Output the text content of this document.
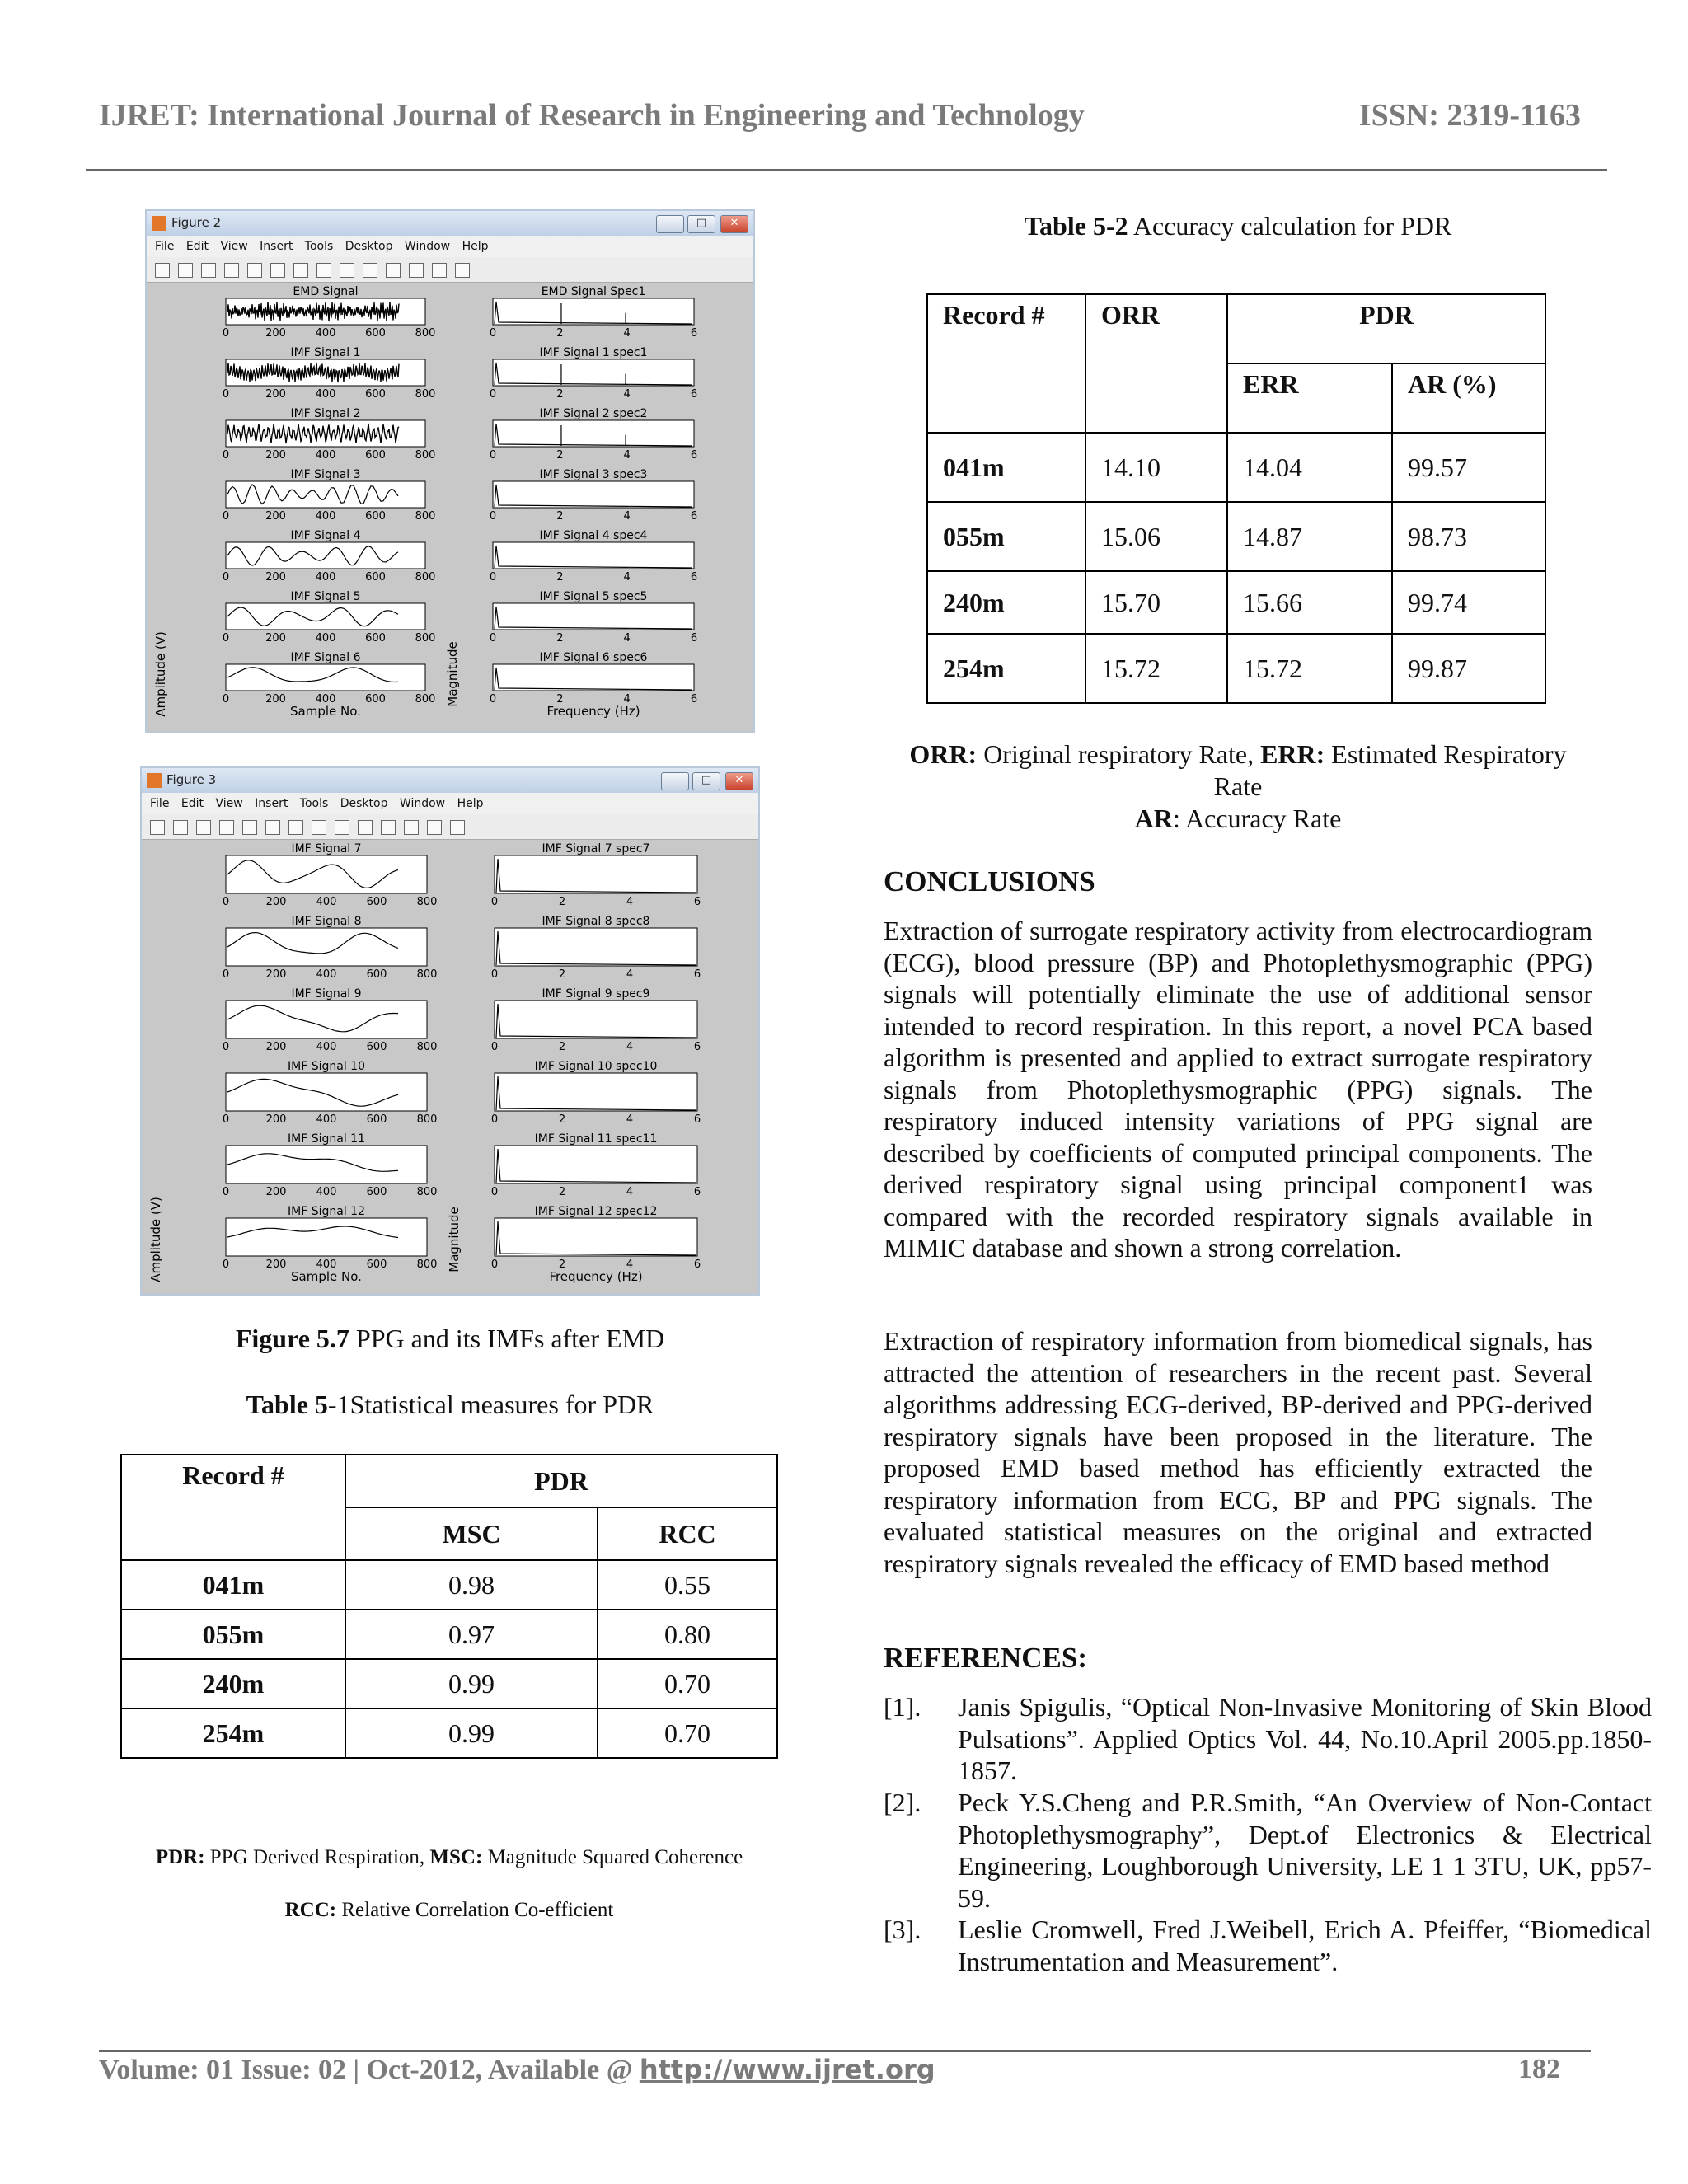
IJRET: International Journal of Research in Engineering and Technology	ISSN: 2319-1163
Figure 2	–	□	✕
File Edit View Insert Tools Desktop Window Help
EMD Signal	EMD Signal Spec1
0	200	400	600	800	0	2	4	6
IMF Signal 1	IMF Signal 1 spec1
0	200	400	600	800	0	2	4	6
IMF Signal 2	IMF Signal 2 spec2
0	200	400	600	800	0	2	4	6
IMF Signal 3	IMF Signal 3 spec3
0	200	400	600	800	0	2	4	6
IMF Signal 4	IMF Signal 4 spec4
0	200	400	600	800	0	2	4	6
IMF Signal 5	IMF Signal 5 spec5
0	200	400	600	800	0	2	4	6
IMF Signal 6	IMF Signal 6 spec6
0	200	400	600	800	0	2	4	6
Sample No.	Frequency (Hz)
Amplitude (V)	Magnitude
Figure 3	–	□	✕
File Edit View Insert Tools Desktop Window Help
IMF Signal 7	IMF Signal 7 spec7
0	200	400	600	800	0	2	4	6
IMF Signal 8	IMF Signal 8 spec8
0	200	400	600	800	0	2	4	6
IMF Signal 9	IMF Signal 9 spec9
0	200	400	600	800	0	2	4	6
IMF Signal 10	IMF Signal 10 spec10
0	200	400	600	800	0	2	4	6
IMF Signal 11	IMF Signal 11 spec11
0	200	400	600	800	0	2	4	6
IMF Signal 12	IMF Signal 12 spec12
0	200	400	600	800	0	2	4	6
Sample No.	Frequency (Hz)
Amplitude (V)	Magnitude
Figure 5.7 PPG and its IMFs after EMD
Table 5-1Statistical measures for PDR
Record #	PDR	
	MSC	RCC
041m	0.98	0.55
055m	0.97	0.80
240m	0.99	0.70
254m	0.99	0.70
PDR: PPG Derived Respiration, MSC: Magnitude Squared Coherence
RCC: Relative Correlation Co-efficient
Table 5-2 Accuracy calculation for PDR
Record #	ORR	PDR	
		ERR	AR (%)
041m	14.10	14.04	99.57
055m	15.06	14.87	98.73
240m	15.70	15.66	99.74
254m	15.72	15.72	99.87
ORR: Original respiratory Rate, ERR: Estimated Respiratory
Rate
AR: Accuracy Rate
CONCLUSIONS
Extraction of surrogate respiratory activity from electrocardiogram (ECG), blood pressure (BP) and Photoplethysmographic (PPG) signals will potentially eliminate the use of additional sensor intended to record respiration. In this report, a novel PCA based algorithm is presented and applied to extract surrogate respiratory signals from Photoplethysmographic (PPG) signals. The respiratory induced intensity variations of PPG signal are described by coefficients of computed principal components. The derived respiratory signal using principal component1 was compared with the recorded respiratory signals available in MIMIC database and shown a strong correlation.
Extraction of respiratory information from biomedical signals, has attracted the attention of researchers in the recent past. Several algorithms addressing ECG-derived, BP-derived and PPG-derived respiratory signals have been proposed in the literature. The proposed EMD based method has efficiently extracted the respiratory information from ECG, BP and PPG signals. The evaluated statistical measures on the original and extracted respiratory signals revealed the efficacy of EMD based method
REFERENCES:
[1]. Janis Spigulis, “Optical Non-Invasive Monitoring of Skin Blood Pulsations”. Applied Optics Vol. 44, No.10.April 2005.pp.1850-1857.
[2]. Peck Y.S.Cheng and P.R.Smith, “An Overview of Non-Contact Photoplethysmography”, Dept.of Electronics & Electrical Engineering, Loughborough University, LE 1 1 3TU, UK, pp57-59.
[3]. Leslie Cromwell, Fred J.Weibell, Erich A. Pfeiffer, “Biomedical Instrumentation and Measurement”.
Volume: 01 Issue: 02 | Oct-2012, Available @ http://www.ijret.org	182
